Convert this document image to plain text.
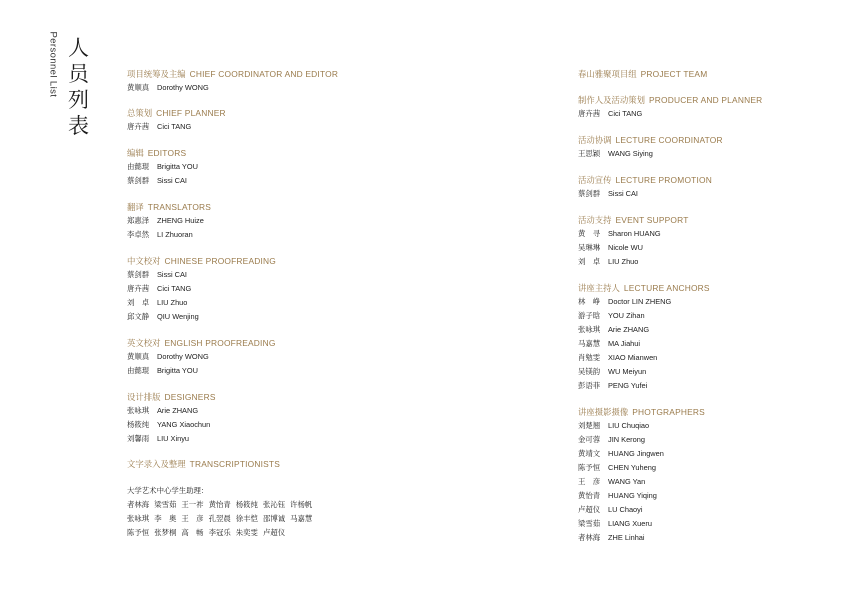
Personnel List 人员列表
项目统筹及主编 CHIEF COORDINATOR AND EDITOR
黄顺真 Dorothy WONG
总策划 CHIEF PLANNER
唐卉茜 Cici TANG
编辑 EDITORS
由懿琨 Brigitta YOU
蔡剑群 Sissi CAI
翻译 TRANSLATORS
郑惠泽 ZHENG Huize
李卓然 LI Zhuoran
中文校对 CHINESE PROOFREADING
蔡剑群 Sissi CAI
唐卉茜 Cici TANG
刘　卓 LIU Zhuo
邱文静 QIU Wenjing
英文校对 ENGLISH PROOFREADING
黄顺真 Dorothy WONG
由懿琨 Brigitta YOU
设计排版 DESIGNERS
张咏琪 Arie ZHANG
杨筱纯 YANG Xiaochun
刘馨雨 LIU Xinyu
文字录入及整理 TRANSCRIPTIONISTS
大学艺术中心学生助理：
者林海 梁雪茹 王一祚 黄怡青 杨筱纯 张沁钰 许杨帆
张咏琪 李　奥 王　彦 孔翌晨 徐丰恺 邵博诚 马嘉慧
陈予恒 张梦桐 高　畅 李冠乐 朱奕雯 卢超仪
春山雅聚项目组 PROJECT TEAM
制作人及活动策划 PRODUCER AND PLANNER
唐卉茜 Cici TANG
活动协调 LECTURE COORDINATOR
王思颖 WANG Siying
活动宣传 LECTURE PROMOTION
蔡剑群 Sissi CAI
活动支持 EVENT SUPPORT
黄　寻 Sharon HUANG
吴琳琳 Nicole WU
刘　卓 LIU Zhuo
讲座主持人 LECTURE ANCHORS
林　峥 Doctor LIN ZHENG
游子晗 YOU Zihan
张咏琪 Arie ZHANG
马嘉慧 MA Jiahui
肖勉雯 XIAO Mianwen
吴镁韵 WU Meiyun
彭语菲 PENG Yufei
讲座摄影摄像 PHOTGRAPHERS
刘楚翘 LIU Chuqiao
金可蓉 JIN Kerong
黄靖文 HUANG Jingwen
陈予恒 CHEN Yuheng
王　彦 WANG Yan
黄怡青 HUANG Yiqing
卢超仪 LU Chaoyi
梁雪茹 LIANG Xueru
者林海 ZHE Linhai
